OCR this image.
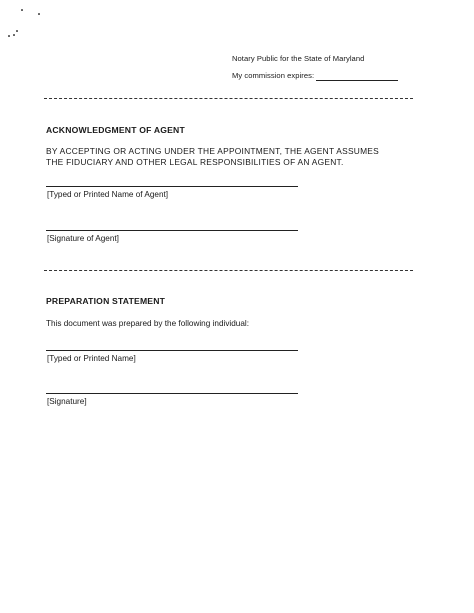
Notary Public for the State of Maryland
My commission expires:
ACKNOWLEDGMENT OF AGENT
BY ACCEPTING OR ACTING UNDER THE APPOINTMENT, THE AGENT ASSUMES
THE FIDUCIARY AND OTHER LEGAL RESPONSIBILITIES OF AN AGENT.
[Typed or Printed Name of Agent]
[Signature of Agent]
PREPARATION STATEMENT
This document was prepared by the following individual:
[Typed or Printed Name]
[Signature]
